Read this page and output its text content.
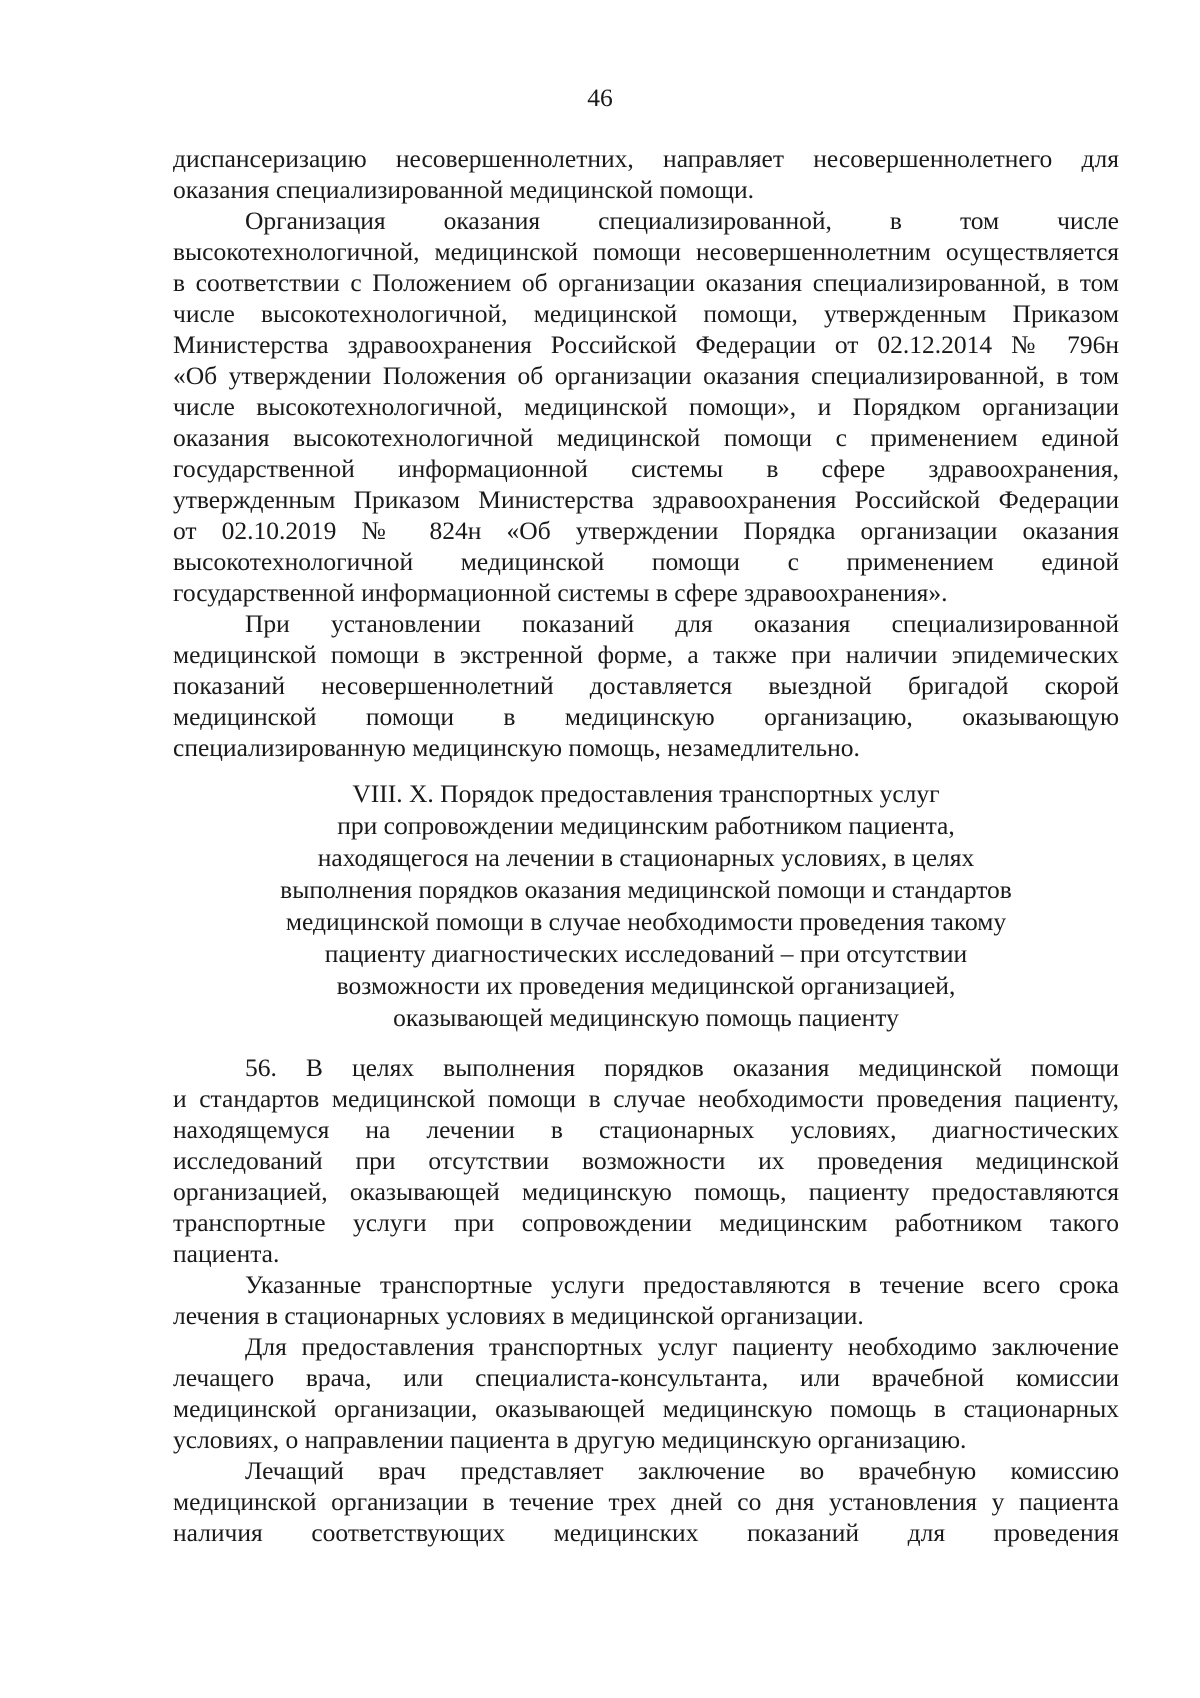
46
диспансеризацию несовершеннолетних, направляет несовершеннолетнего для
оказания специализированной медицинской помощи.
Организация оказания специализированной, в том числе
высокотехнологичной, медицинской помощи несовершеннолетним осуществляется
в соответствии с Положением об организации оказания специализированной, в том
числе высокотехнологичной, медицинской помощи, утвержденным Приказом
Министерства здравоохранения Российской Федерации от 02.12.2014 № 796н
«Об утверждении Положения об организации оказания специализированной, в том
числе высокотехнологичной, медицинской помощи», и Порядком организации
оказания высокотехнологичной медицинской помощи с применением единой
государственной информационной системы в сфере здравоохранения,
утвержденным Приказом Министерства здравоохранения Российской Федерации
от 02.10.2019 № 824н «Об утверждении Порядка организации оказания
высокотехнологичной медицинской помощи с применением единой
государственной информационной системы в сфере здравоохранения».
При установлении показаний для оказания специализированной
медицинской помощи в экстренной форме, а также при наличии эпидемических
показаний несовершеннолетний доставляется выездной бригадой скорой
медицинской помощи в медицинскую организацию, оказывающую
специализированную медицинскую помощь, незамедлительно.
VIII. X. Порядок предоставления транспортных услуг
при сопровождении медицинским работником пациента,
находящегося на лечении в стационарных условиях, в целях
выполнения порядков оказания медицинской помощи и стандартов
медицинской помощи в случае необходимости проведения такому
пациенту диагностических исследований – при отсутствии
возможности их проведения медицинской организацией,
оказывающей медицинскую помощь пациенту
56. В целях выполнения порядков оказания медицинской помощи
и стандартов медицинской помощи в случае необходимости проведения пациенту,
находящемуся на лечении в стационарных условиях, диагностических
исследований при отсутствии возможности их проведения медицинской
организацией, оказывающей медицинскую помощь, пациенту предоставляются
транспортные услуги при сопровождении медицинским работником такого
пациента.
Указанные транспортные услуги предоставляются в течение всего срока
лечения в стационарных условиях в медицинской организации.
Для предоставления транспортных услуг пациенту необходимо заключение
лечащего врача, или специалиста-консультанта, или врачебной комиссии
медицинской организации, оказывающей медицинскую помощь в стационарных
условиях, о направлении пациента в другую медицинскую организацию.
Лечащий врач представляет заключение во врачебную комиссию
медицинской организации в течение трех дней со дня установления у пациента
наличия соответствующих медицинских показаний для проведения
